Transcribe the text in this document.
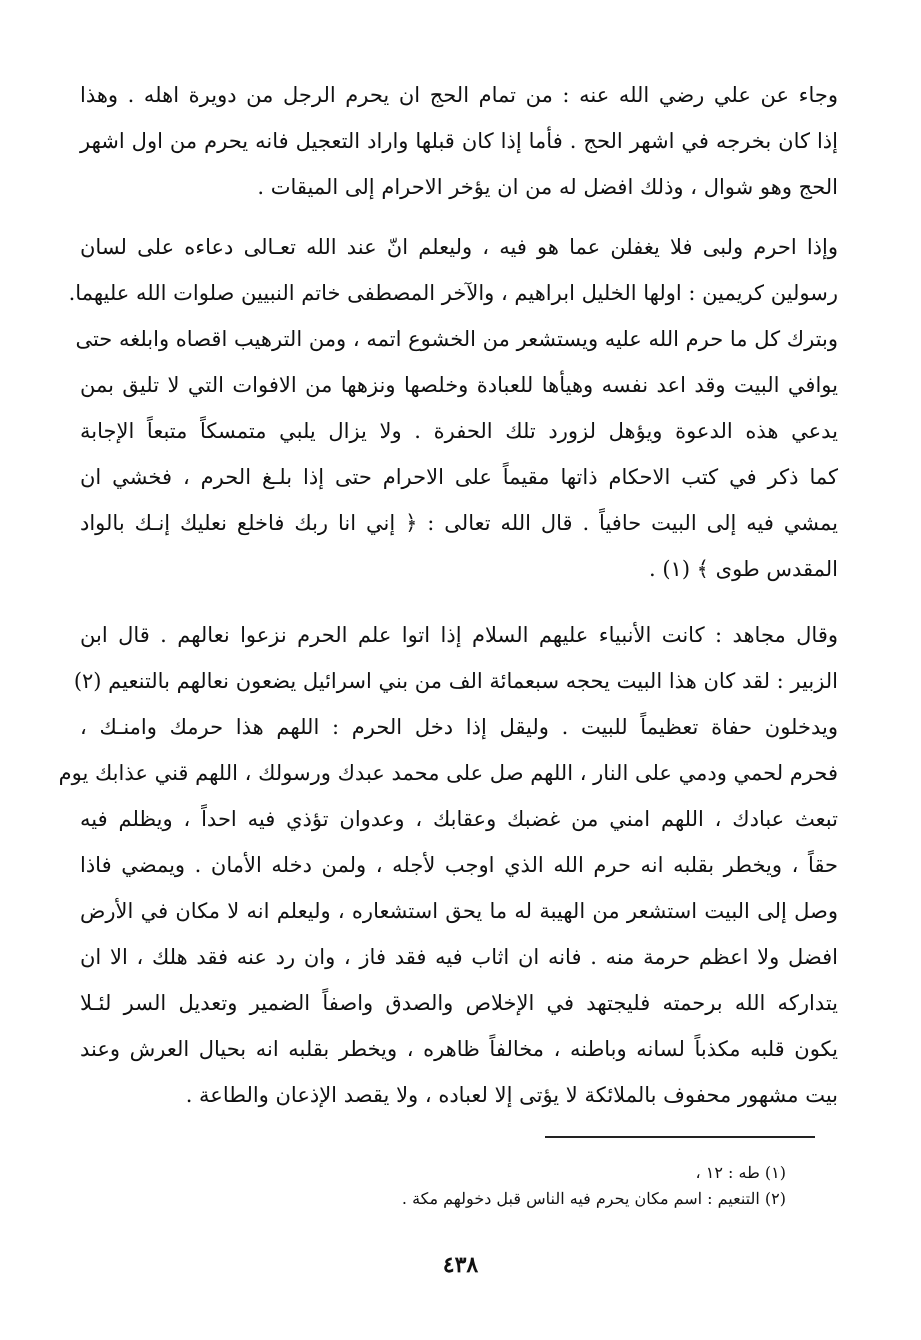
وجاء عن علي رضي الله عنه : من تمام الحج ان يحرم الرجل من دويرة اهله . وهذا
إذا كان بخرجه في اشهر الحج . فأما إذا كان قبلها واراد التعجيل فانه يحرم من اول اشهر
الحج وهو شوال ، وذلك افضل له من ان يؤخر الاحرام إلى الميقات .
وإذا احرم ولبى فلا يغفلن عما هو فيه ، وليعلم انّ عند الله تعـالى دعاءه على لسان
رسولين كريمين : اولها الخليل ابراهيم ، والآخر المصطفى خاتم النبيين صلوات الله عليهما.
وبترك كل ما حرم الله عليه ويستشعر من الخشوع اتمه ، ومن الترهيب اقصاه وابلغه حتى
يوافي البيت وقد اعد نفسه وهيأها للعبادة وخلصها ونزهها من الافوات التي لا تليق بمن
يدعي هذه الدعوة ويؤهل لزورد تلك الحفرة . ولا يزال يلبي متمسكاً متبعاً الإجابة
كما ذكر في كتب الاحكام ذاتها مقيماً على الاحرام حتى إذا بلـغ الحرم ، فخشي ان
يمشي فيه إلى البيت حافياً . قال الله تعالى : ﴿ إني انا ربك فاخلع نعليك إنـك بالواد
المقدس طوى ﴾ (١) .
وقال مجاهد : كانت الأنبياء عليهم السلام إذا اتوا علم الحرم نزعوا نعالهم . قال ابن
الزبير : لقد كان هذا البيت يحجه سبعمائة الف من بني اسرائيل يضعون نعالهم بالتنعيم (٢)
ويدخلون حفاة تعظيماً للبيت . وليقل إذا دخل الحرم : اللهم هذا حرمك وامنـك ،
فحرم لحمي ودمي على النار ، اللهم صل على محمد عبدك ورسولك ، اللهم قني عذابك يوم
تبعث عبادك ، اللهم امني من غضبك وعقابك ، وعدوان تؤذي فيه احداً ، ويظلم فيه
حقاً ، ويخطر بقلبه انه حرم الله الذي اوجب لأجله ، ولمن دخله الأمان . ويمضي فاذا
وصل إلى البيت استشعر من الهيبة له ما يحق استشعاره ، وليعلم انه لا مكان في الأرض
افضل ولا اعظم حرمة منه . فانه ان اثاب فيه فقد فاز ، وان رد عنه فقد هلك ، الا ان
يتداركه الله برحمته فليجتهد في الإخلاص والصدق واصفاً الضمير وتعديل السر لئـلا
يكون قلبه مكذباً لسانه وباطنه ، مخالفاً ظاهره ، ويخطر بقلبه انه بحيال العرش وعند
بيت مشهور محفوف بالملائكة لا يؤتى إلا لعباده ، ولا يقصد الإذعان والطاعة .
(١) طه : ١٢ ،
(٢) التنعيم : اسم مكان يحرم فيه الناس قبل دخولهم مكة .
٤٣٨
